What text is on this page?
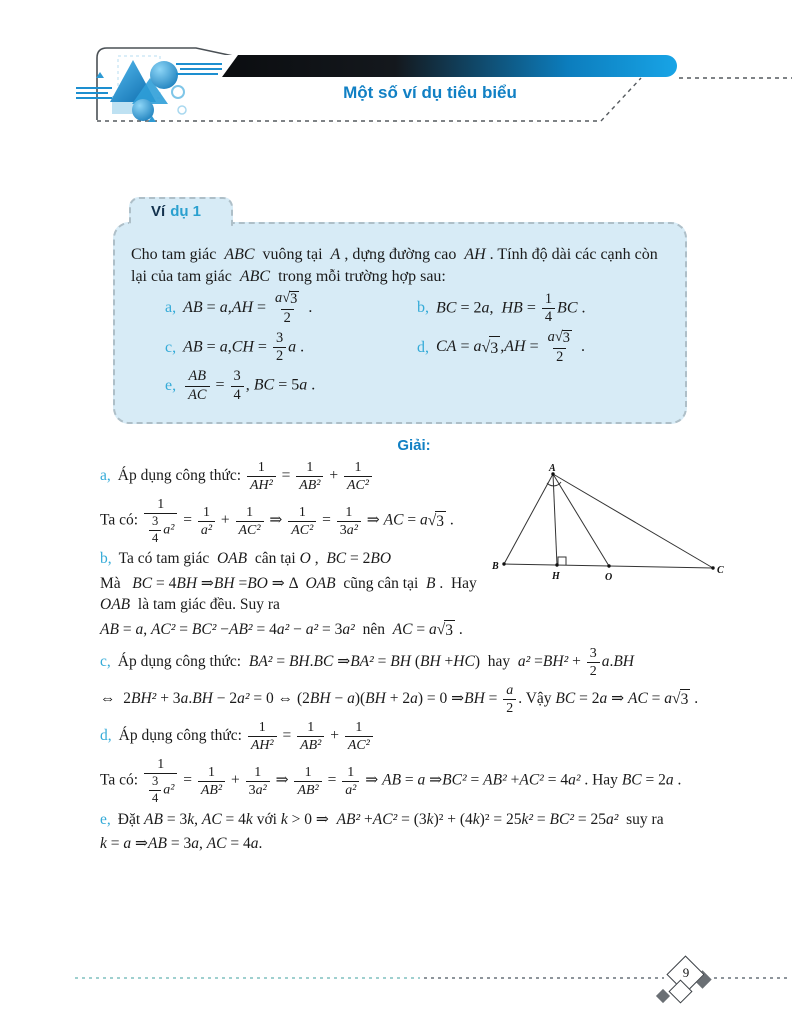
Một số ví dụ tiêu biểu
Ví dụ 1

Cho tam giác  ABC  vuông tại  A , dựng đường cao  AH . Tính độ dài các cạnh còn lại của tam giác  ABC  trong mỗi trường hợp sau:

a, AB = $a,AH = \frac{a √ 3}{2}$ .	b, BC = 2a,  HB = $\frac{1}{4}$ BC .
c, AB = $a,CH = \frac{3}{2}$ a .	d, CA = a √ 3 $,AH = \frac{a √ 3}{2}$ .
e, $\frac{AB}{AC} = \frac{3}{4}$ , BC = 5a .
Giải:
A
B	C
H	O

a, Áp dụng công thức: $\frac{1}{\text{AH²}} = \frac{1}{\text{AB²}} + \frac{1}{\text{AC²}}$

Ta có: $\frac{1}{\frac{3}{4} a^2} = \frac{1}{\text{a²}} + \frac{1}{\text{AC²}}$ ⇒ $\frac{1}{\text{AC²}} = \frac{1}{\text{3a²}}$ ⇒ AC = a √ 3 .

b, Ta có tam giác  OAB  cân tại O ,  BC = 2BO

Mà   BC = 4BH ⇒BH =BO ⇒ Δ  OAB  cũng cân tại  B .  Hay  OAB  là tam giác đều. Suy ra

AB = a, AC² = BC² −AB² = 4a² − a² = 3a²  nên  AC = a √ 3 .

c, Áp dụng công thức:  BA² = BH.BC ⇒BA² = BH (BH +HC)  hay  $a^2 =BH^2 + \frac{3}{2} a.BH$

⇔  2BH² + 3a.BH − 2a² = 0 ⇔ (2BH − a)(BH + 2a) = 0 ⇒BH = $\frac{a}{2}$ . Vậy BC = 2a ⇒ AC = a √ 3 .

d, Áp dụng công thức: $\frac{1}{\text{AH²}} = \frac{1}{\text{AB²}} + \frac{1}{\text{AC²}}$

Ta có: $\frac{1}{\frac{3}{4} a^2} = \frac{1}{\text{AB²}} + \frac{1}{\text{3a²}}$ ⇒ $\frac{1}{\text{AB²}} = \frac{1}{\text{a²}}$ ⇒ AB = a ⇒BC² = AB² +AC² = 4a² . Hay BC = 2a .

e, Đặt AB = 3k, AC = 4k với k > 0 ⇒  AB² +AC² = (3k)² + (4k)² = 25k² = BC² = 25a²  suy ra

k = a ⇒AB = 3a, AC = 4a.

9
